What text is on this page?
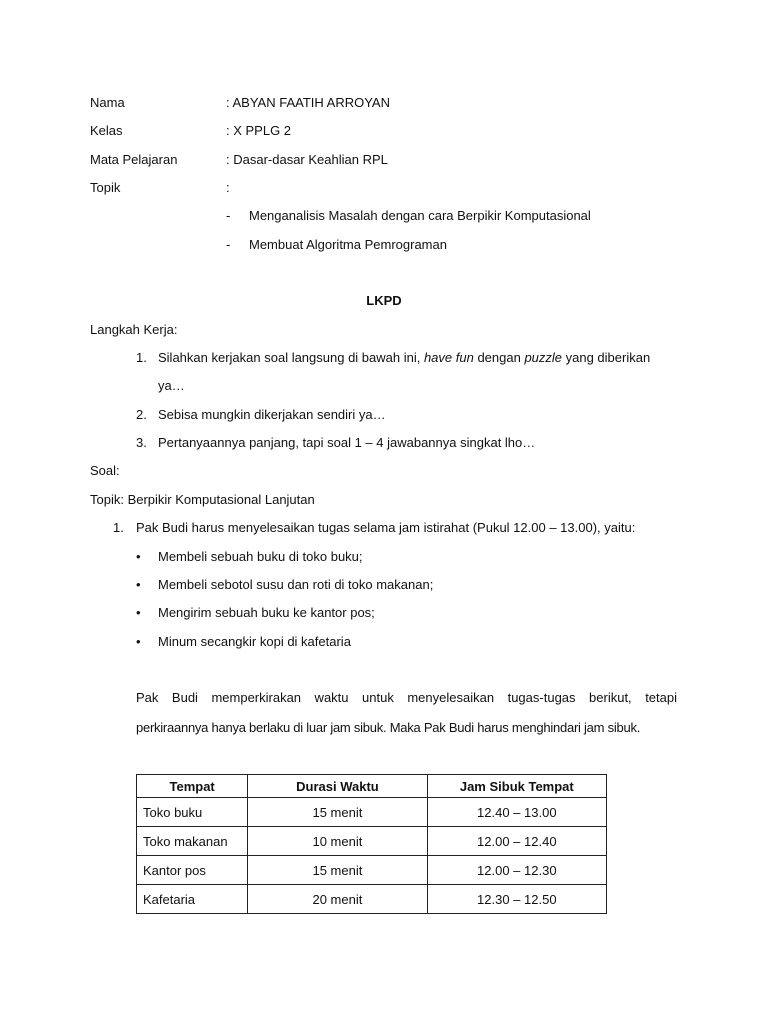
Nama	: ABYAN FAATIH ARROYAN
Kelas	: X PPLG 2
Mata Pelajaran	: Dasar-dasar Keahlian RPL
Topik	:
- Menganalisis Masalah dengan cara Berpikir Komputasional
- Membuat Algoritma Pemrograman
LKPD
Langkah Kerja:
1. Silahkan kerjakan soal langsung di bawah ini, have fun dengan puzzle yang diberikan
ya…
2. Sebisa mungkin dikerjakan sendiri ya…
3. Pertanyaannya panjang, tapi soal 1 – 4 jawabannya singkat lho…
Soal:
Topik: Berpikir Komputasional Lanjutan
1. Pak Budi harus menyelesaikan tugas selama jam istirahat (Pukul 12.00 – 13.00), yaitu:
• Membeli sebuah buku di toko buku;
• Membeli sebotol susu dan roti di toko makanan;
• Mengirim sebuah buku ke kantor pos;
• Minum secangkir kopi di kafetaria
Pak Budi memperkirakan waktu untuk menyelesaikan tugas-tugas berikut, tetapi
perkiraannya hanya berlaku di luar jam sibuk. Maka Pak Budi harus menghindari jam sibuk.
Tempat	Durasi Waktu	Jam Sibuk Tempat
Toko buku	15 menit	12.40 – 13.00
Toko makanan	10 menit	12.00 – 12.40
Kantor pos	15 menit	12.00 – 12.30
Kafetaria	20 menit	12.30 – 12.50
